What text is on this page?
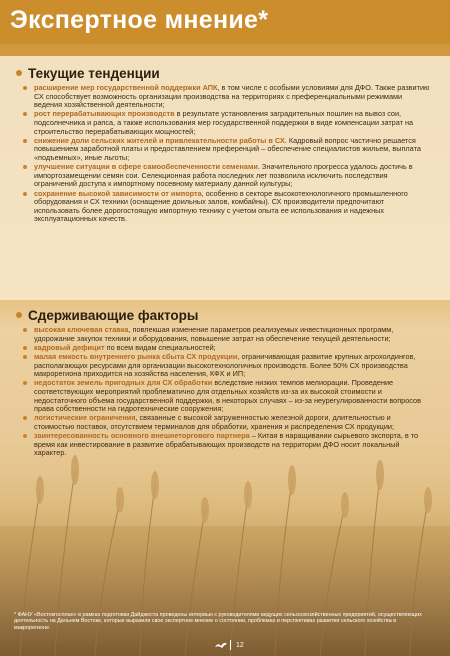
Экспертное мнение*
Текущие тенденции
расширение мер государственной поддержки АПК, в том числе с особыми условиями для ДФО. Также развитию СХ способствует возможность организации производства на территориях с преференциальными режимами ведения хозяйственной деятельности;
рост перерабатывающих производств в результате установления заградительных пошлин на вывоз сои, подсолнечника и рапса, а также использования мер государственной поддержки в виде компенсации затрат на строительство перерабатывающих мощностей;
снижение доли сельских жителей и привлекательности работы в СХ. Кадровый вопрос частично решается повышением заработной платы и предоставлением преференций – обеспечение специалистов жильем, выплата «подъемных», иные льготы;
улучшение ситуации в сфере самообеспеченности семенами. Значительного прогресса удалось достичь в импортозамещении семян сои. Селекционная работа последних лет позволила исключить последствия ограничений доступа к импортному посевному материалу данной культуры;
сохранение высокой зависимости от импорта, особенно в секторе высокотехнологичного промышленного оборудования и СХ техники (оснащение доильных залов, комбайны). СХ производители предпочитают использовать более дорогостоящую импортную технику с учетом опыта ее использования и надежных эксплуатационных качеств.
Сдерживающие факторы
высокая ключевая ставка, повлекшая изменение параметров реализуемых инвестиционных программ, удорожание закупок техники и оборудования, повышение затрат на обеспечение текущей деятельности;
кадровый дефицит по всем видам специальностей;
малая емкость внутреннего рынка сбыта СХ продукции, ограничивающая развитие крупных агрохолдингов, располагающих ресурсами для организации высокотехнологичных производств. Более 50% СХ производства макрорегиона приходится на хозяйства населения, КФХ и ИП;
недостаток земель пригодных для СХ обработки вследствие низких темпов мелиорации. Проведение соответствующих мероприятий проблематично для отдельных хозяйств из-за их высокой стоимости и недостаточного объема государственной поддержки, в некоторых случаях – из-за неурегулированности вопросов права собственности на гидротехнические сооружения;
логистические ограничения, связанные с высокой загруженностью железной дороги, длительностью и стоимостью поставок, отсутствием терминалов для обработки, хранения и распределения СХ продукции;
заинтересованность основного внешнеторгового партнера – Китая в наращивании сырьевого экспорта, в то время как инвестирование в развитие обрабатывающих производств на территории ДФО носит локальный характер.
* ФАНУ «Востокгосплан» в рамках подготовки Дайджеста проведены интервью с руководителями ведущих сельскохозяйственных предприятий, осуществляющих деятельность на Дальнем Востоке, которые выразили свое экспертное мнение о состоянии, проблемах и перспективах развития сельского хозяйства в макрорегионе.
12
